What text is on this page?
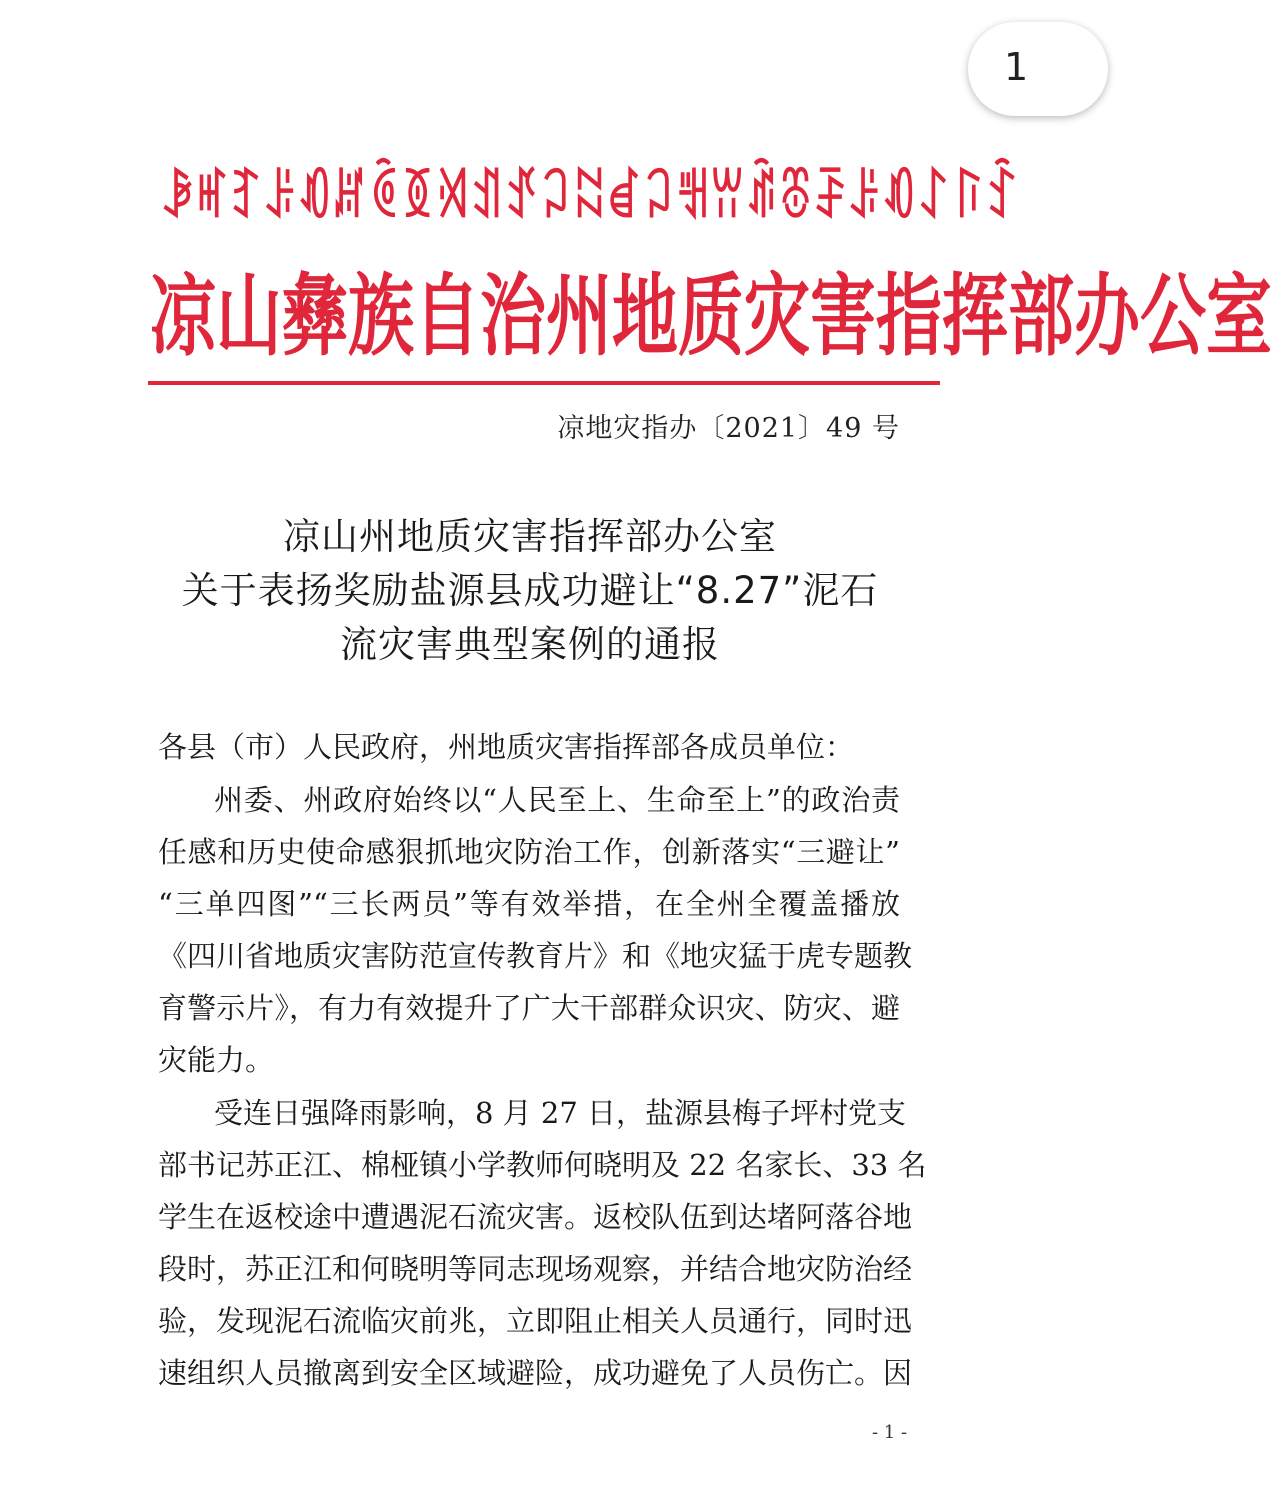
1
ꆃ ꎭ ꆈ ꌠ ꀒ ꏦ ꏱ ꅉ ꄉ ꀊ ꀋ ꃀ ꉆ ꀸ ꃀ ꅿ ꀕ ꁭ ꁨ ꄚ ꌠ ꀒ ꋍ ꑍ ꉗ
凉 山 彝 族 自 治 州 地 质 灾 害 指 挥 部 办 公 室
凉地灾指办〔2021〕49 号
凉山州地质灾害指挥部办公室
关于表扬奖励盐源县成功避让“8.27”泥石
流灾害典型案例的通报
各县（市）人民政府，州地质灾害指挥部各成员单位：
州委、州政府始终以“人民至上、生命至上”的政治责
任感和历史使命感狠抓地灾防治工作，创新落实“三避让”
“三单四图”“三长两员”等有效举措，在全州全覆盖播放
《四川省地质灾害防范宣传教育片》和《地灾猛于虎专题教
育警示片》，有力有效提升了广大干部群众识灾、防灾、避
灾能力。
受连日强降雨影响，8 月 27 日，盐源县梅子坪村党支
部书记苏正江、棉桠镇小学教师何晓明及 22 名家长、33 名
学生在返校途中遭遇泥石流灾害。返校队伍到达堵阿落谷地
段时，苏正江和何晓明等同志现场观察，并结合地灾防治经
验，发现泥石流临灾前兆，立即阻止相关人员通行，同时迅
速组织人员撤离到安全区域避险，成功避免了人员伤亡。因
- 1 -
